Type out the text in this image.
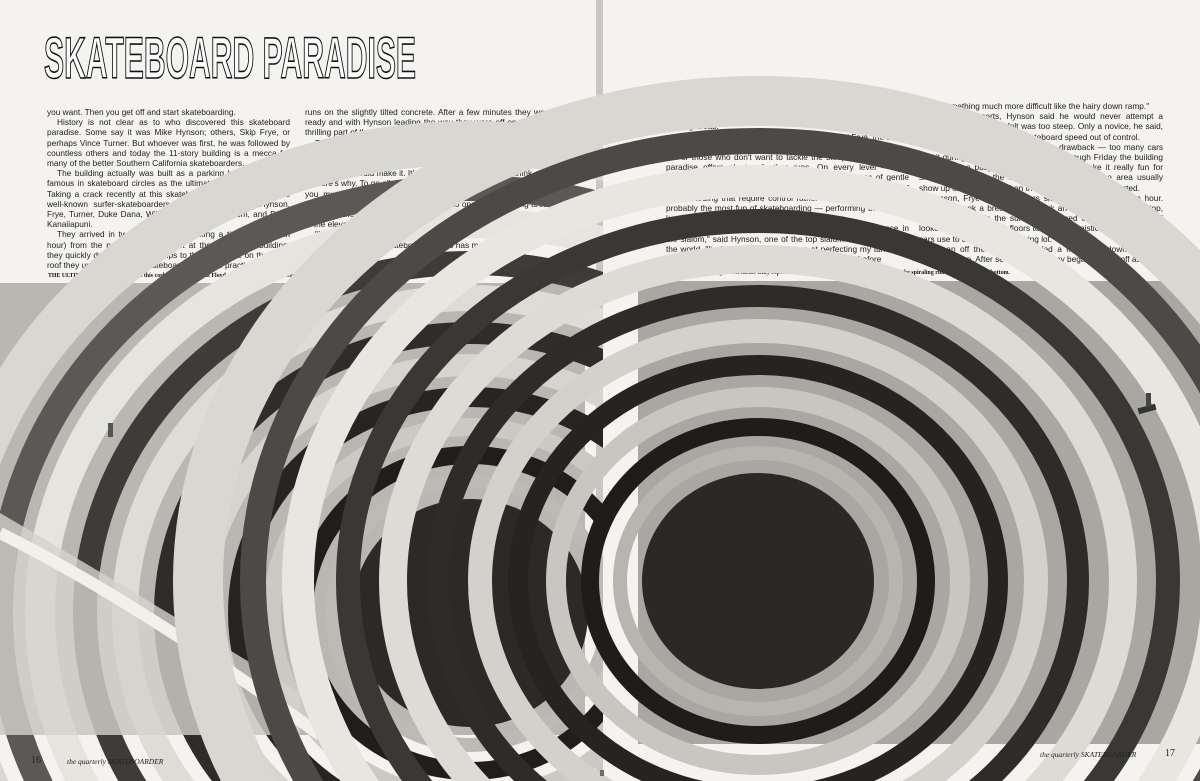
SKATEBOARD PARADISE

you want. Then you get off and start skateboarding.

History is not clear as to who discovered this skateboard paradise. Some say it was Mike Hynson; others, Skip Frye, or perhaps Vince Turner. But whoever was first, he was followed by countless others and today the 11-story building is a mecca for many of the better Southern California skateboarders.

The building actually was built as a parking lot, but it's more famous in skateboard circles as the ultimate in sidewalk surfing. Taking a crack recently at this skateboard heaven were several well-known surfer-skateboarders. The group included Hynson, Frye, Turner, Duke Dana, Willie Phillips, Bob Brabom, and Barry Kanaiiapuni.

They arrived in two cars and after taking a ticket (at 25c an hour) from the parking lot attendant at the foot of the building, they quickly drove up the 11 ramps to the top. There on the sunlit roof they unlimbered their skateboards for a few practice

runs on the slightly tilted concrete. After a few minutes they were ready and with Hynson leading the way they were off on the most thrilling part of the building's downhill run.

This is a steep, curving down-ramp for cars that spirals 11 floors to the street. The game among these crack surfer-skate-boarders was to see who could make it all the way to the bottom. Not how fast, but who could make it. It's not as easy as you might think.

Here's why. To go all the way to the bottom around the 11 curves you must stay very close to the inside wall. If you don't, the centrifugal force spins you out and off into one of the parking areas on one of the floors. If that happens, you just skateboard away, get in the elevator, go back up to the top, and start again.

"It's really difficult to go all the way to the bottom," said Hynson, one of the few surfer-skateboarders who has made it.

THE ULTIMATE in skateboarding is this corkscrew course that Floyd Smith (left) and Corky Smith (right) hope to ride 11 stories down. Floyd and
16	the quarterly SKATEBOARDER

Hynson said the big problem is to keep turning your skateboard so tightly that you are not forced to the outside and into one of the parking areas.

"It's one of the wildest rides I've ever had," said Frye, the blond, curly-haired champion surfer from Pacific Beach.

For those who don't want to tackle the steep down ramp, the paradise offers plenty of other runs. On every level — and remember, there are 11 floors — are acres and acres of gentle slopes. Most of them are just right to practice the difficult tricks of skateboarding that require control rather than speed, and this is probably the most fun of skateboarding — performing tricks while keeping the skateboard under control at all times.

"Skateboarding here has really improved my performance in the slalom," said Hynson, one of the top slalom skateboarders in the world. "It gives me a good chance at perfecting my turns and moves at a moderate speed under complete control before

trying something much more difficult like the hairy down ramp."

Like most experts, Hynson said he would never attempt a downhill course that he felt was too steep. Only a novice, he said, takes a chance and lets his skateboard speed out of control.

The skateboard paradise has one drawback — too many cars use it during the week. From Monday through Friday the building is usually too busy with parking traffic to make it really fun for skateboarders. So the surfer-skateboarders in the area usually show up on weekends when the building is almost deserted.

Hynson, Frye and the others skateboarded for over an hour. Then they took a breather and took an elevator back to the top, lounging around in the sun. They peered over the parapet and looked straight down 11 floors to the modernistic on-ramp that the cars use to drive into the parking lot.

To cap off the day, Hynson led a mass run down the tight spiraling ramp. After several floors, they began to drop off as

Corky had better be good on turns. Only expert slalom champs like Mike Hynson have made the spiraling run all the way to the bottom.
the quarterly SKATEBOARDER	17
